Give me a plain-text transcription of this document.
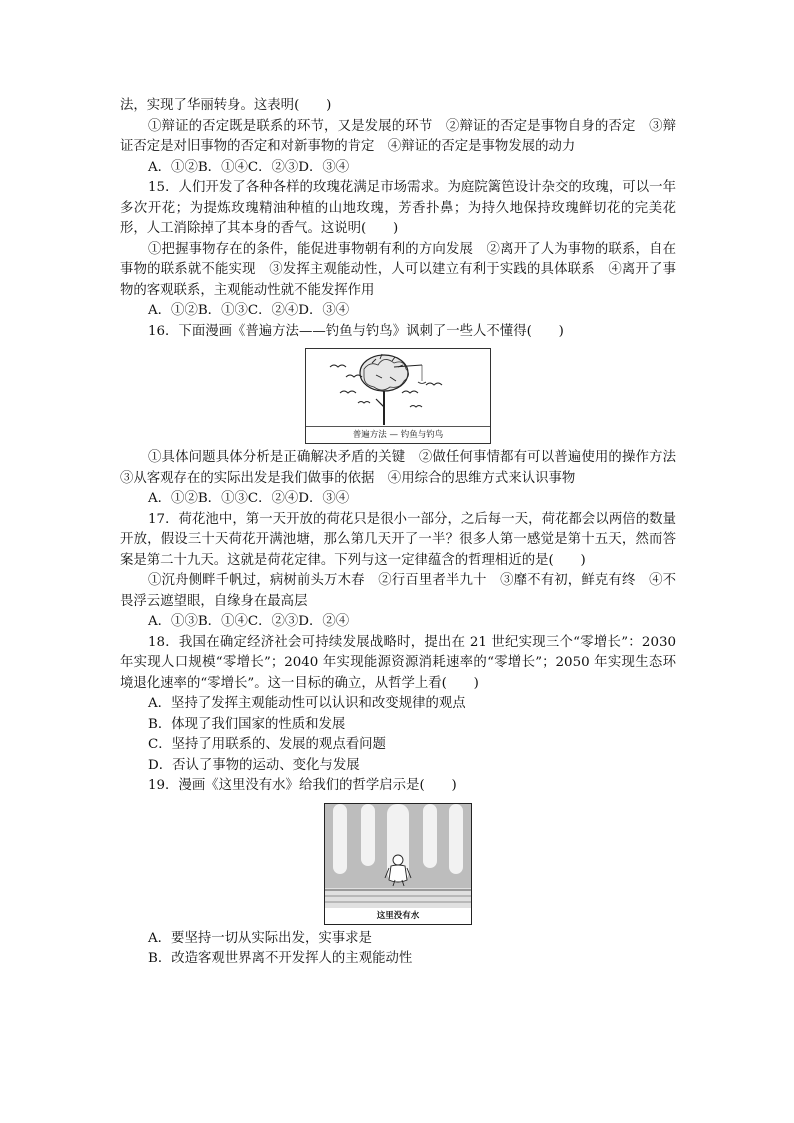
法，实现了华丽转身。这表明(　　)

①辩证的否定既是联系的环节，又是发展的环节　②辩证的否定是事物自身的否定　③辩证否定是对旧事物的否定和对新事物的肯定　④辩证的否定是事物发展的动力

A．①②B．①④C．②③D．③④

15．人们开发了各种各样的玫瑰花满足市场需求。为庭院篱笆设计杂交的玫瑰，可以一年多次开花；为提炼玫瑰精油种植的山地玫瑰，芳香扑鼻；为持久地保持玫瑰鲜切花的完美花形，人工消除掉了其本身的香气。这说明(　　)

①把握事物存在的条件，能促进事物朝有利的方向发展　②离开了人为事物的联系，自在事物的联系就不能实现　③发挥主观能动性，人可以建立有利于实践的具体联系　④离开了事物的客观联系，主观能动性就不能发挥作用

A．①②B．①③C．②④D．③④

16．下面漫画《普遍方法——钓鱼与钓鸟》讽刺了一些人不懂得(　　)

普遍方法 — 钓鱼与钓鸟

①具体问题具体分析是正确解决矛盾的关键　②做任何事情都有可以普遍使用的操作方法　③从客观存在的实际出发是我们做事的依据　④用综合的思维方式来认识事物

A．①②B．①③C．②④D．③④

17．荷花池中，第一天开放的荷花只是很小一部分，之后每一天，荷花都会以两倍的数量开放，假设三十天荷花开满池塘，那么第几天开了一半？很多人第一感觉是第十五天，然而答案是第二十九天。这就是荷花定律。下列与这一定律蕴含的哲理相近的是(　　)

①沉舟侧畔千帆过，病树前头万木春　②行百里者半九十　③靡不有初，鲜克有终　④不畏浮云遮望眼，自缘身在最高层

A．①③B．①④C．②③D．②④

18．我国在确定经济社会可持续发展战略时，提出在 21 世纪实现三个“零增长”：2030 年实现人口规模“零增长”；2040 年实现能源资源消耗速率的“零增长”；2050 年实现生态环境退化速率的“零增长”。这一目标的确立，从哲学上看(　　)

A．坚持了发挥主观能动性可以认识和改变规律的观点

B．体现了我们国家的性质和发展

C．坚持了用联系的、发展的观点看问题

D．否认了事物的运动、变化与发展

19．漫画《这里没有水》给我们的哲学启示是(　　)

这里没有水

A．要坚持一切从实际出发，实事求是

B．改造客观世界离不开发挥人的主观能动性
